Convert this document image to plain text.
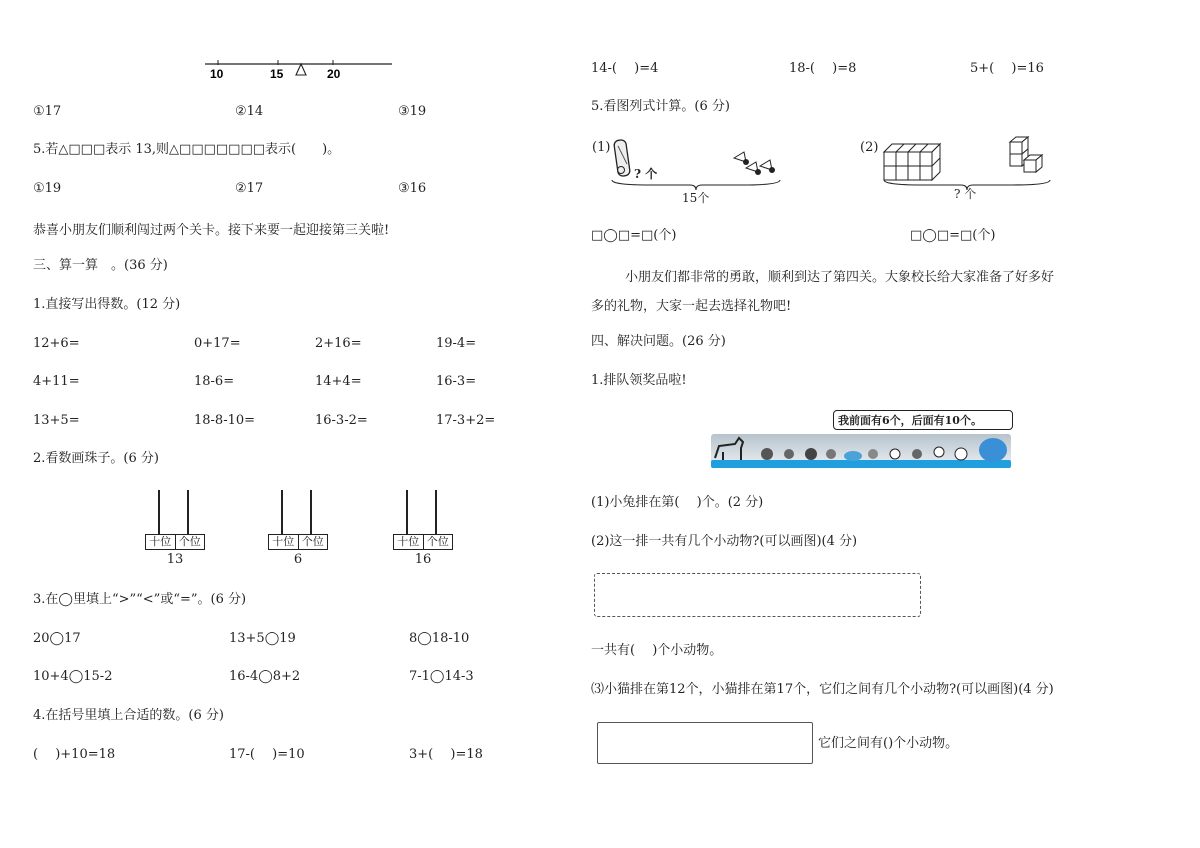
10	15	20
①17	②14	③19
5.若△□□□表示 13,则△□□□□□□□表示(　　)。
①19	②17	③16
恭喜小朋友们顺利闯过两个关卡。接下来要一起迎接第三关啦!
三、算一算　。(36 分)
1.直接写出得数。(12 分)
12+6=	0+17=	2+16=	19-4=
4+11=	18-6=	14+4=	16-3=
13+5=	18-8-10=	16-3-2=	17-3+2=
2.看数画珠子。(6 分)
十位 个位
13
十位 个位
6
十位 个位
16
3.在◯里填上“>”“<”或“=”。(6 分)
20◯17	13+5◯19	8◯18-10
10+4◯15-2	16-4◯8+2	7-1◯14-3
4.在括号里填上合适的数。(6 分)
(　 )+10=18	17-(　 )=10	3+(　 )=18
14-(　 )=4	18-(　 )=8	5+(　 )=16
5.看图列式计算。(6 分)
(1)
? 个
15个
(2)
? 个
□◯□=□(个)	□◯□=□(个)
小朋友们都非常的勇敢，顺利到达了第四关。大象校长给大家准备了好多好
多的礼物，大家一起去选择礼物吧!
四、解决问题。(26 分)
1.排队领奖品啦!
我前面有6个，后面有10个。
(1)小兔排在第(　 )个。(2 分)
(2)这一排一共有几个小动物?(可以画图)(4 分)
一共有(　 )个小动物。
⑶小猫排在第12个，小猫排在第17个，它们之间有几个小动物?(可以画图)(4 分)
它们之间有()个小动物。
